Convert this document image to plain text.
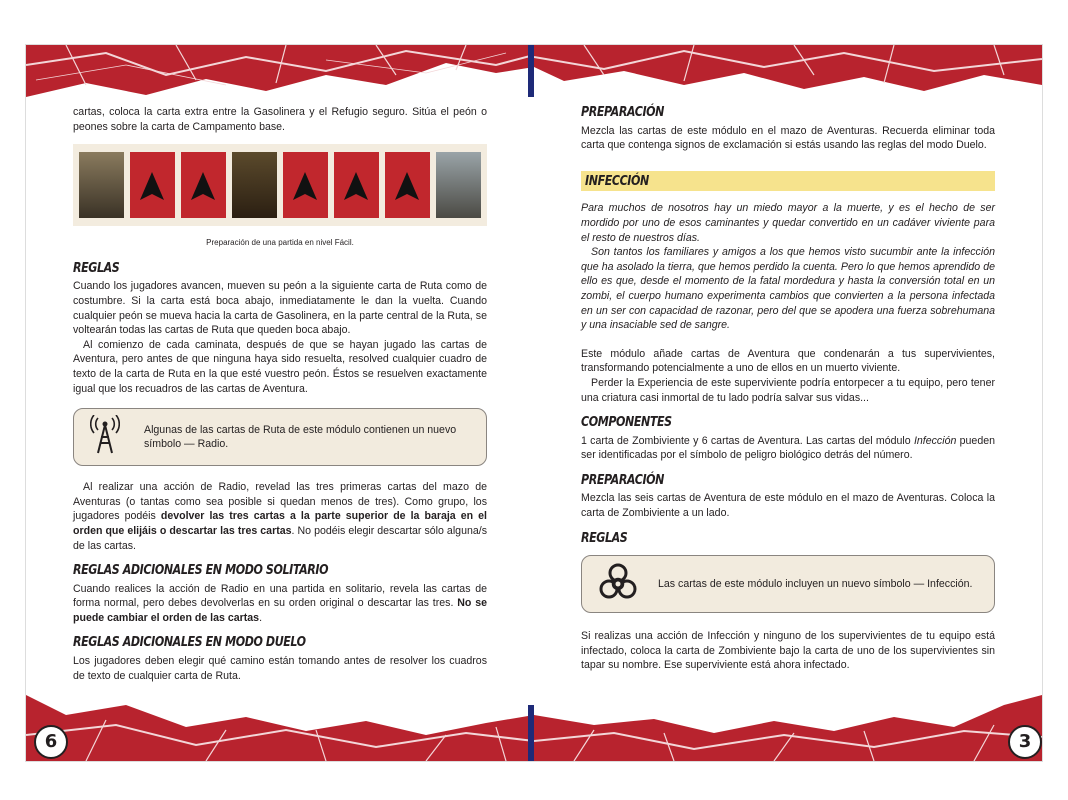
6

cartas, coloca la carta extra entre la Gasolinera y el Refugio seguro. Sitúa el peón o peones sobre la carta de Campamento base.

Preparación de una partida en nivel Fácil.
REGLAS

Cuando los jugadores avancen, mueven su peón a la siguiente carta de Ruta como de costumbre. Si la carta está boca abajo, inmediatamente le dan la vuelta. Cuando cualquier peón se mueva hacia la carta de Gasolinera, en la parte central de la Ruta, se voltearán todas las cartas de Ruta que queden boca abajo.

Al comienzo de cada caminata, después de que se hayan jugado las cartas de Aventura, pero antes de que ninguna haya sido resuelta, resolved cualquier cuadro de texto de la carta de Ruta en la que esté vuestro peón. Éstos se resuelven exactamente igual que los recuadros de las cartas de Aventura.

Algunas de las cartas de Ruta de este módulo contienen un nuevo símbolo — Radio.

Al realizar una acción de Radio, revelad las tres primeras cartas del mazo de Aventuras (o tantas como sea posible si quedan menos de tres). Como grupo, los jugadores podéis devolver las tres cartas a la parte superior de la baraja en el orden que elijáis o descartar las tres cartas. No podéis elegir descartar sólo alguna/s de las cartas.

REGLAS ADICIONALES EN MODO SOLITARIO

Cuando realices la acción de Radio en una partida en solitario, revela las cartas de forma normal, pero debes devolverlas en su orden original o descartar las tres. No se puede cambiar el orden de las cartas.

REGLAS ADICIONALES EN MODO DUELO

Los jugadores deben elegir qué camino están tomando antes de resolver los cuadros de texto de cualquier carta de Ruta.

3
PREPARACIÓN

Mezcla las cartas de este módulo en el mazo de Aventuras. Recuerda eliminar toda carta que contenga signos de exclamación si estás usando las reglas del modo Duelo.

INFECCIÓN

Para muchos de nosotros hay un miedo mayor a la muerte, y es el hecho de ser mordido por uno de esos caminantes y quedar convertido en un cadáver viviente para el resto de nuestros días.

Son tantos los familiares y amigos a los que hemos visto sucumbir ante la infección que ha asolado la tierra, que hemos perdido la cuenta. Pero lo que hemos aprendido de ello es que, desde el momento de la fatal mordedura y hasta la conversión total en un zombi, el cuerpo humano experimenta cambios que convierten a la persona infectada en un ser con capacidad de razonar, pero del que se apodera una fuerza sobrehumana y una insaciable sed de sangre.

Este módulo añade cartas de Aventura que condenarán a tus supervivientes, transformando potencialmente a uno de ellos en un muerto viviente.

Perder la Experiencia de este superviviente podría entorpecer a tu equipo, pero tener una criatura casi inmortal de tu lado podría salvar sus vidas...

COMPONENTES

1 carta de Zombiviente y 6 cartas de Aventura. Las cartas del módulo Infección pueden ser identificadas por el símbolo de peligro biológico detrás del número.

PREPARACIÓN

Mezcla las seis cartas de Aventura de este módulo en el mazo de Aventuras. Coloca la carta de Zombiviente a un lado.

REGLAS
Las cartas de este módulo incluyen un nuevo símbolo — Infección.

Si realizas una acción de Infección y ninguno de los supervivientes de tu equipo está infectado, coloca la carta de Zombiviente bajo la carta de uno de los supervivientes sin tapar su nombre. Ese superviviente está ahora infectado.
